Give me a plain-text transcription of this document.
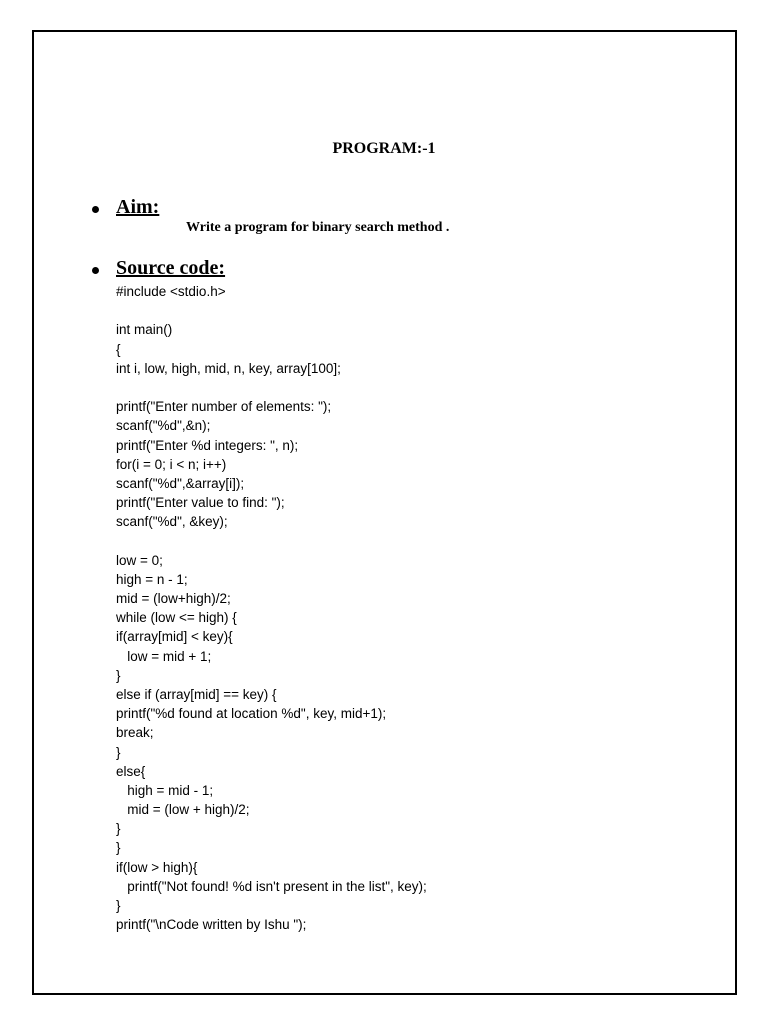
PROGRAM:-1
Aim:
Write a program for binary search method .
Source code:
#include <stdio.h>
int main()
{
int i, low, high, mid, n, key, array[100];
printf("Enter number of elements: ");
scanf("%d",&n);
printf("Enter %d integers: ", n);
for(i = 0; i < n; i++)
scanf("%d",&array[i]);
printf("Enter value to find: ");
scanf("%d", &key);
low = 0;
high = n - 1;
mid = (low+high)/2;
while (low <= high) {
if(array[mid] < key){
low = mid + 1;
}
else if (array[mid] == key) {
printf("%d found at location %d", key, mid+1);
break;
}
else{
high = mid - 1;
mid = (low + high)/2;
}
}
if(low > high){
printf("Not found! %d isn't present in the list", key);
}
printf("\nCode written by Ishu ");
